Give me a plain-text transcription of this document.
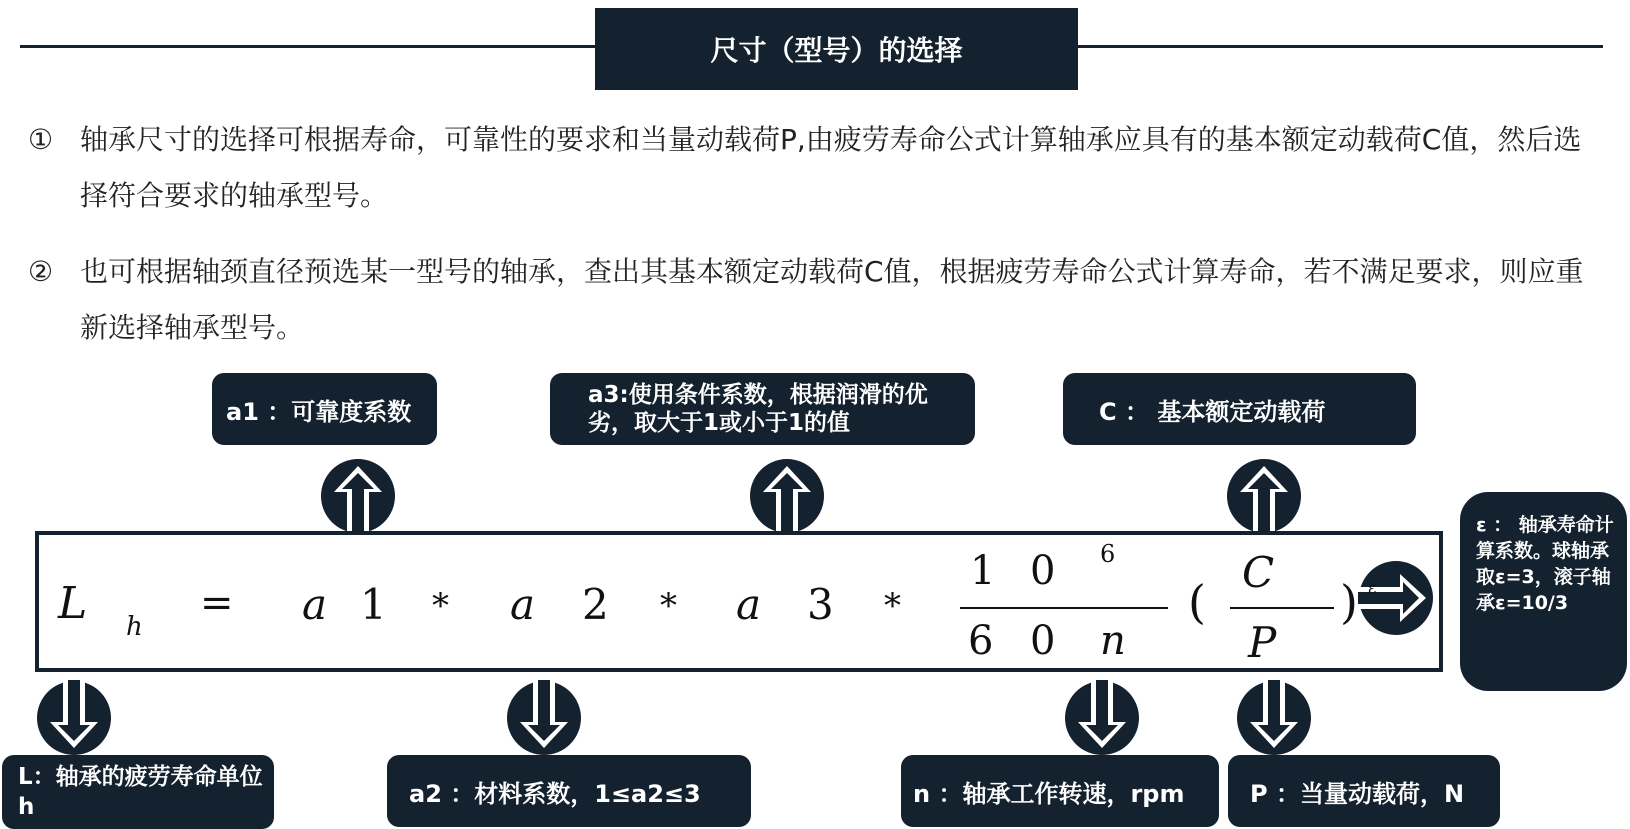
尺寸（型号）的选择
① 轴承尺寸的选择可根据寿命，可靠性的要求和当量动载荷P,由疲劳寿命公式计算轴承应具有的基本额定动载荷C值，然后选择符合要求的轴承型号。
② 也可根据轴颈直径预选某一型号的轴承，查出其基本额定动载荷C值，根据疲劳寿命公式计算寿命，若不满足要求，则应重新选择轴承型号。
a1 ：可靠度系数
a3:使用条件系数，根据润滑的优劣，取大于1或小于1的值	C ： 基本额定动载荷
ε ： 轴承寿命计算系数。球轴承取ε=3，滚子轴承ε=10/3
L：轴承的疲劳寿命单位h	a2 ：材料系数，1≤a2≤3	n ：轴承工作转速，rpm	P ：当量动载荷，N
L h
= a 1 * a 2 * a 3 *
1 0 6
6 0 n
(
C
P
) ε
